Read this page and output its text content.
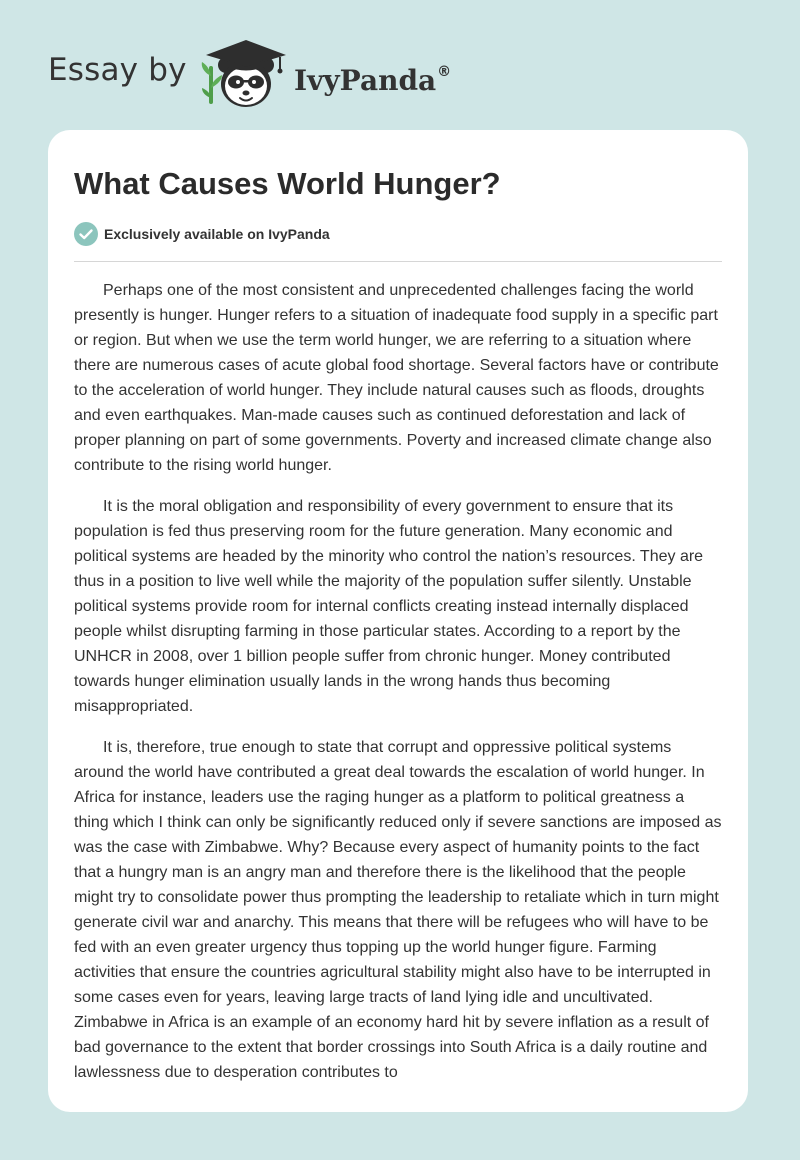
Essay by	IvyPanda®
What Causes World Hunger?
Exclusively available on IvyPanda

Perhaps one of the most consistent and unprecedented challenges facing the world presently is hunger. Hunger refers to a situation of inadequate food supply in a specific part or region. But when we use the term world hunger, we are referring to a situation where there are numerous cases of acute global food shortage. Several factors have or contribute to the acceleration of world hunger. They include natural causes such as floods, droughts and even earthquakes. Man-made causes such as continued deforestation and lack of proper planning on part of some governments. Poverty and increased climate change also contribute to the rising world hunger.

It is the moral obligation and responsibility of every government to ensure that its population is fed thus preserving room for the future generation. Many economic and political systems are headed by the minority who control the nation’s resources. They are thus in a position to live well while the majority of the population suffer silently. Unstable political systems provide room for internal conflicts creating instead internally displaced people whilst disrupting farming in those particular states. According to a report by the UNHCR in 2008, over 1 billion people suffer from chronic hunger. Money contributed towards hunger elimination usually lands in the wrong hands thus becoming misappropriated.

It is, therefore, true enough to state that corrupt and oppressive political systems around the world have contributed a great deal towards the escalation of world hunger. In Africa for instance, leaders use the raging hunger as a platform to political greatness a thing which I think can only be significantly reduced only if severe sanctions are imposed as was the case with Zimbabwe. Why? Because every aspect of humanity points to the fact that a hungry man is an angry man and therefore there is the likelihood that the people might try to consolidate power thus prompting the leadership to retaliate which in turn might generate civil war and anarchy. This means that there will be refugees who will have to be fed with an even greater urgency thus topping up the world hunger figure. Farming activities that ensure the countries agricultural stability might also have to be interrupted in some cases even for years, leaving large tracts of land lying idle and uncultivated. Zimbabwe in Africa is an example of an economy hard hit by severe inflation as a result of bad governance to the extent that border crossings into South Africa is a daily routine and lawlessness due to desperation contributes to
